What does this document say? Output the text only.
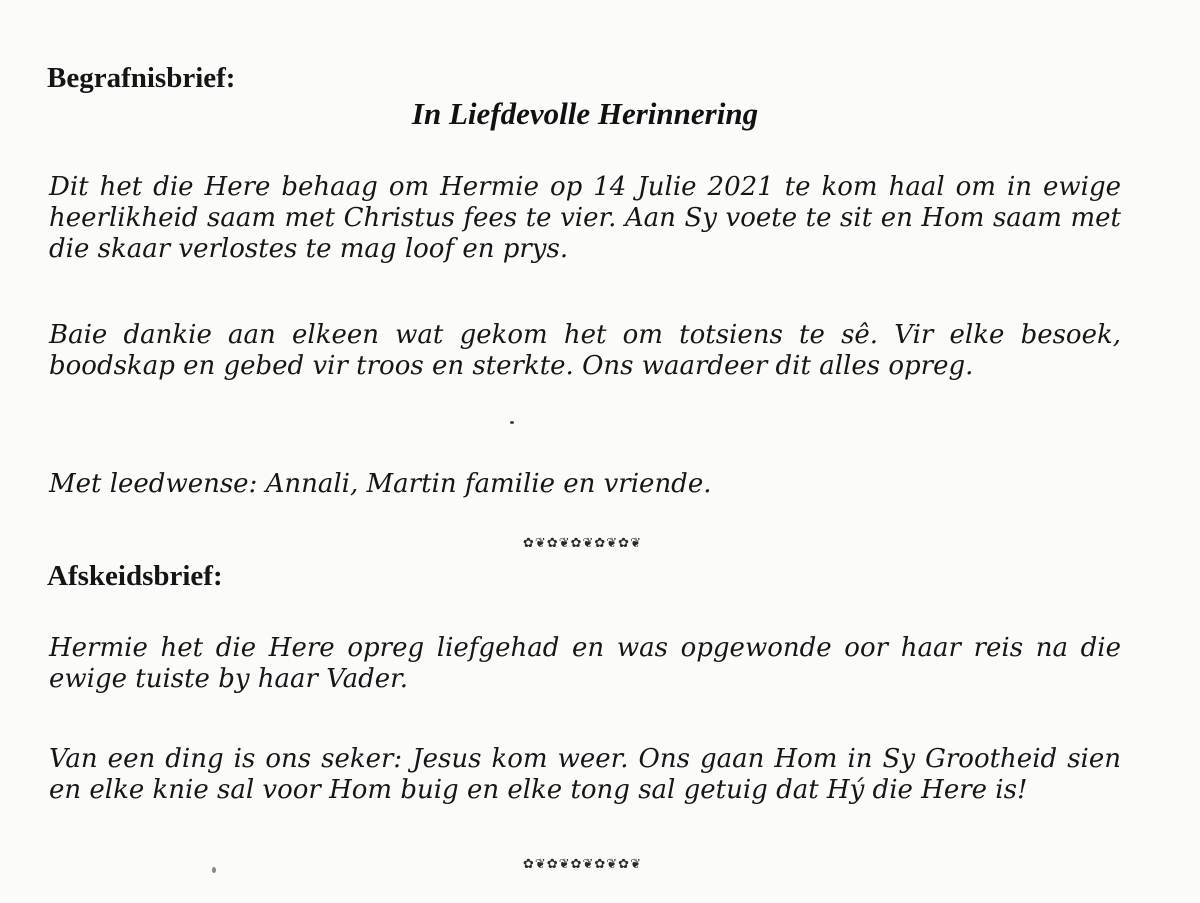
Begrafnisbrief:
In Liefdevolle Herinnering

Dit het die Here behaag om Hermie op 14 Julie 2021 te kom haal om in ewige heerlikheid saam met Christus fees te vier. Aan Sy voete te sit en Hom saam met die skaar verlostes te mag loof en prys.

Baie dankie aan elkeen wat gekom het om totsiens te sê. Vir elke besoek, boodskap en gebed vir troos en sterkte. Ons waardeer dit alles opreg.

Met leedwense: Annali, Martin familie en vriende.

✿❦✿❦✿❦✿❦✿❦
Afskeidsbrief:

Hermie het die Here opreg liefgehad en was opgewonde oor haar reis na die ewige tuiste by haar Vader.

Van een ding is ons seker: Jesus kom weer. Ons gaan Hom in Sy Grootheid sien en elke knie sal voor Hom buig en elke tong sal getuig dat Hý die Here is!

✿❦✿❦✿❦✿❦✿❦
